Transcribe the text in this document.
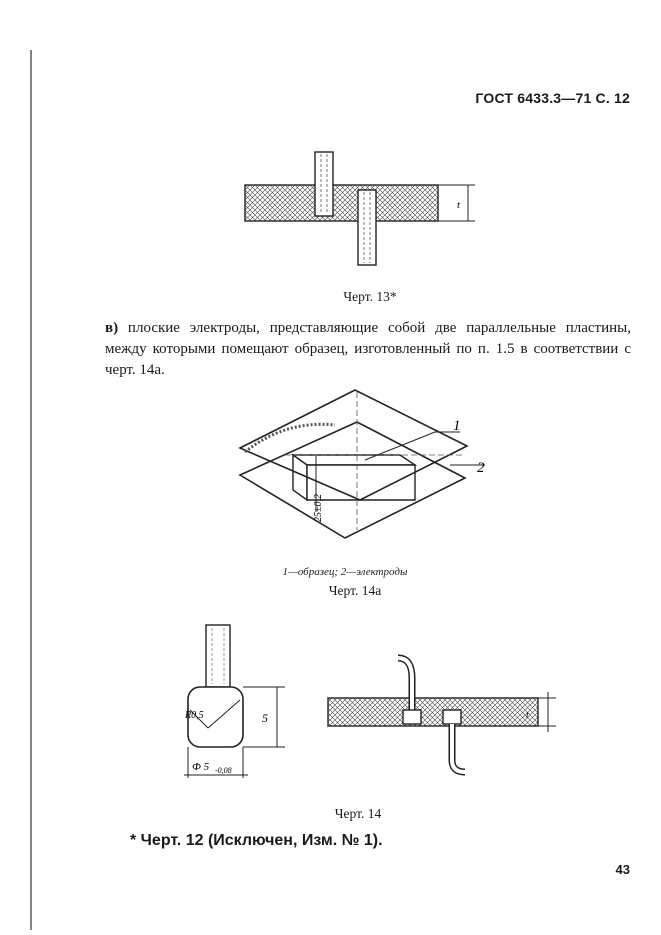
ГОСТ 6433.3—71 С. 12
t
Черт. 13*
в) плоские электроды, представляющие собой две параллельные пластины, между которыми помещают образец, изготовленный по п. 1.5 в соответствии с черт. 14а.
25±0,2
1
2
1—образец; 2—электроды
Черт. 14а
R0,5	5
Ф 5 -0,08
t
Черт. 14
* Черт. 12 (Исключен, Изм. № 1).
43
